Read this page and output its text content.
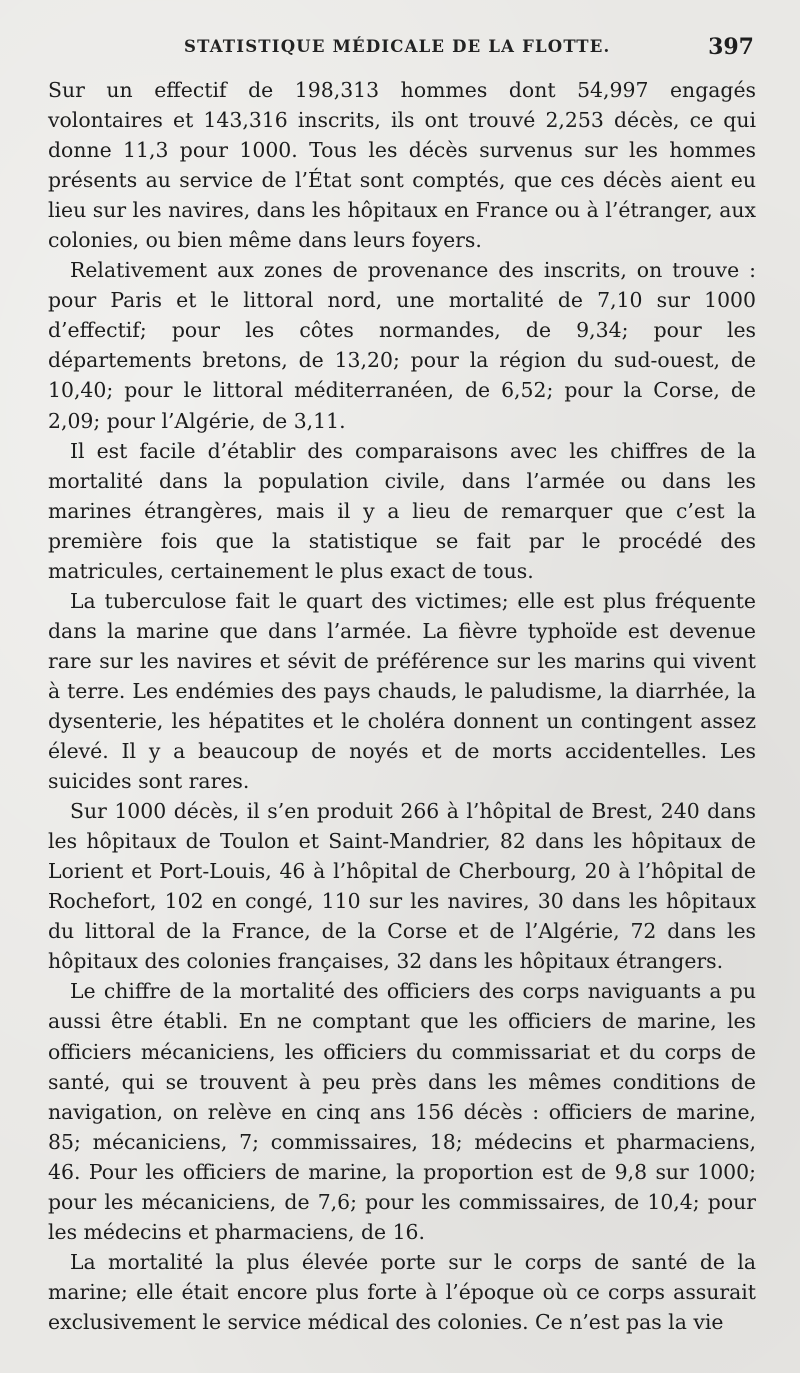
STATISTIQUE MÉDICALE DE LA FLOTTE.	397

Sur un effectif de 198,313 hommes dont 54,997 engagés volontaires et 143,316 inscrits, ils ont trouvé 2,253 décès, ce qui donne 11,3 pour 1000. Tous les décès survenus sur les hommes présents au service de l’État sont comptés, que ces décès aient eu lieu sur les navires, dans les hôpitaux en France ou à l’étranger, aux colonies, ou bien même dans leurs foyers.

Relativement aux zones de provenance des inscrits, on trouve : pour Paris et le littoral nord, une mortalité de 7,10 sur 1000 d’effectif; pour les côtes normandes, de 9,34; pour les départements bretons, de 13,20; pour la région du sud-ouest, de 10,40; pour le littoral méditerranéen, de 6,52; pour la Corse, de 2,09; pour l’Algérie, de 3,11.

Il est facile d’établir des comparaisons avec les chiffres de la mortalité dans la population civile, dans l’armée ou dans les marines étrangères, mais il y a lieu de remarquer que c’est la première fois que la statistique se fait par le procédé des matricules, certainement le plus exact de tous.

La tuberculose fait le quart des victimes; elle est plus fréquente dans la marine que dans l’armée. La fièvre typhoïde est devenue rare sur les navires et sévit de préférence sur les marins qui vivent à terre. Les endémies des pays chauds, le paludisme, la diarrhée, la dysenterie, les hépatites et le choléra donnent un contingent assez élevé. Il y a beaucoup de noyés et de morts accidentelles. Les suicides sont rares.

Sur 1000 décès, il s’en produit 266 à l’hôpital de Brest, 240 dans les hôpitaux de Toulon et Saint-Mandrier, 82 dans les hôpitaux de Lorient et Port-Louis, 46 à l’hôpital de Cherbourg, 20 à l’hôpital de Rochefort, 102 en congé, 110 sur les navires, 30 dans les hôpitaux du littoral de la France, de la Corse et de l’Algérie, 72 dans les hôpitaux des colonies françaises, 32 dans les hôpitaux étrangers.

Le chiffre de la mortalité des officiers des corps naviguants a pu aussi être établi. En ne comptant que les officiers de marine, les officiers mécaniciens, les officiers du commissariat et du corps de santé, qui se trouvent à peu près dans les mêmes conditions de navigation, on relève en cinq ans 156 décès : officiers de marine, 85; mécaniciens, 7; commissaires, 18; médecins et pharmaciens, 46. Pour les officiers de marine, la proportion est de 9,8 sur 1000; pour les mécaniciens, de 7,6; pour les commissaires, de 10,4; pour les médecins et pharmaciens, de 16.

La mortalité la plus élevée porte sur le corps de santé de la marine; elle était encore plus forte à l’époque où ce corps assurait exclusivement le service médical des colonies. Ce n’est pas la vie
